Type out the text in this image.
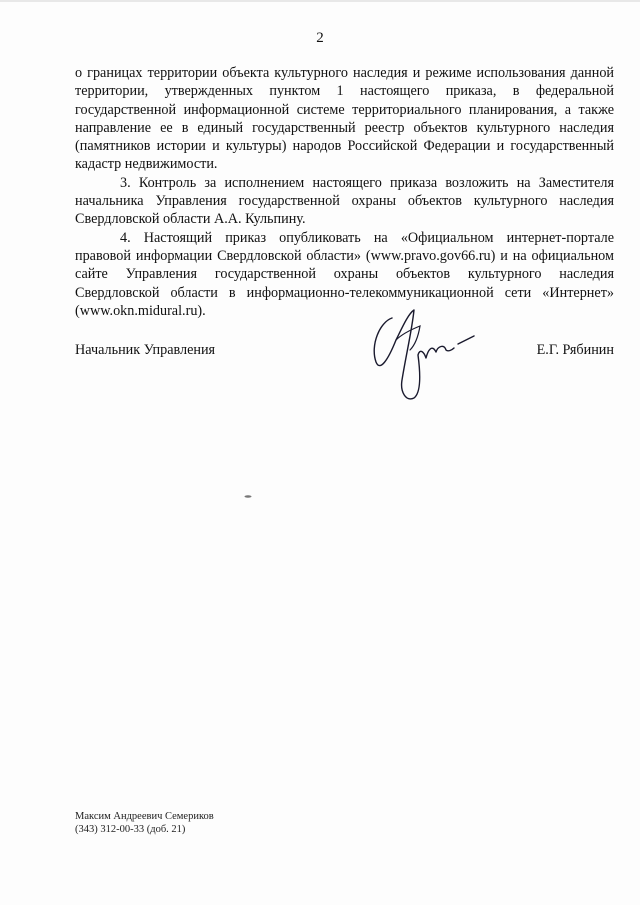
2

о границах территории объекта культурного наследия и режиме использования данной территории, утвержденных пунктом 1 настоящего приказа, в федеральной государственной информационной системе территориального планирования, а также направление ее в единый государственный реестр объектов культурного наследия (памятников истории и культуры) народов Российской Федерации и государственный кадастр недвижимости.

3. Контроль за исполнением настоящего приказа возложить на Заместителя начальника Управления государственной охраны объектов культурного наследия Свердловской области А.А. Кульпину.

4. Настоящий приказ опубликовать на «Официальном интернет-портале правовой информации Свердловской области» (www.pravo.gov66.ru) и на официальном сайте Управления государственной охраны объектов культурного наследия Свердловской области в информационно-телекоммуникационной сети «Интернет» (www.okn.midural.ru).

Начальник Управления	Е.Г. Рябинин
Максим Андреевич Семериков
(343) 312-00-33 (доб. 21)
